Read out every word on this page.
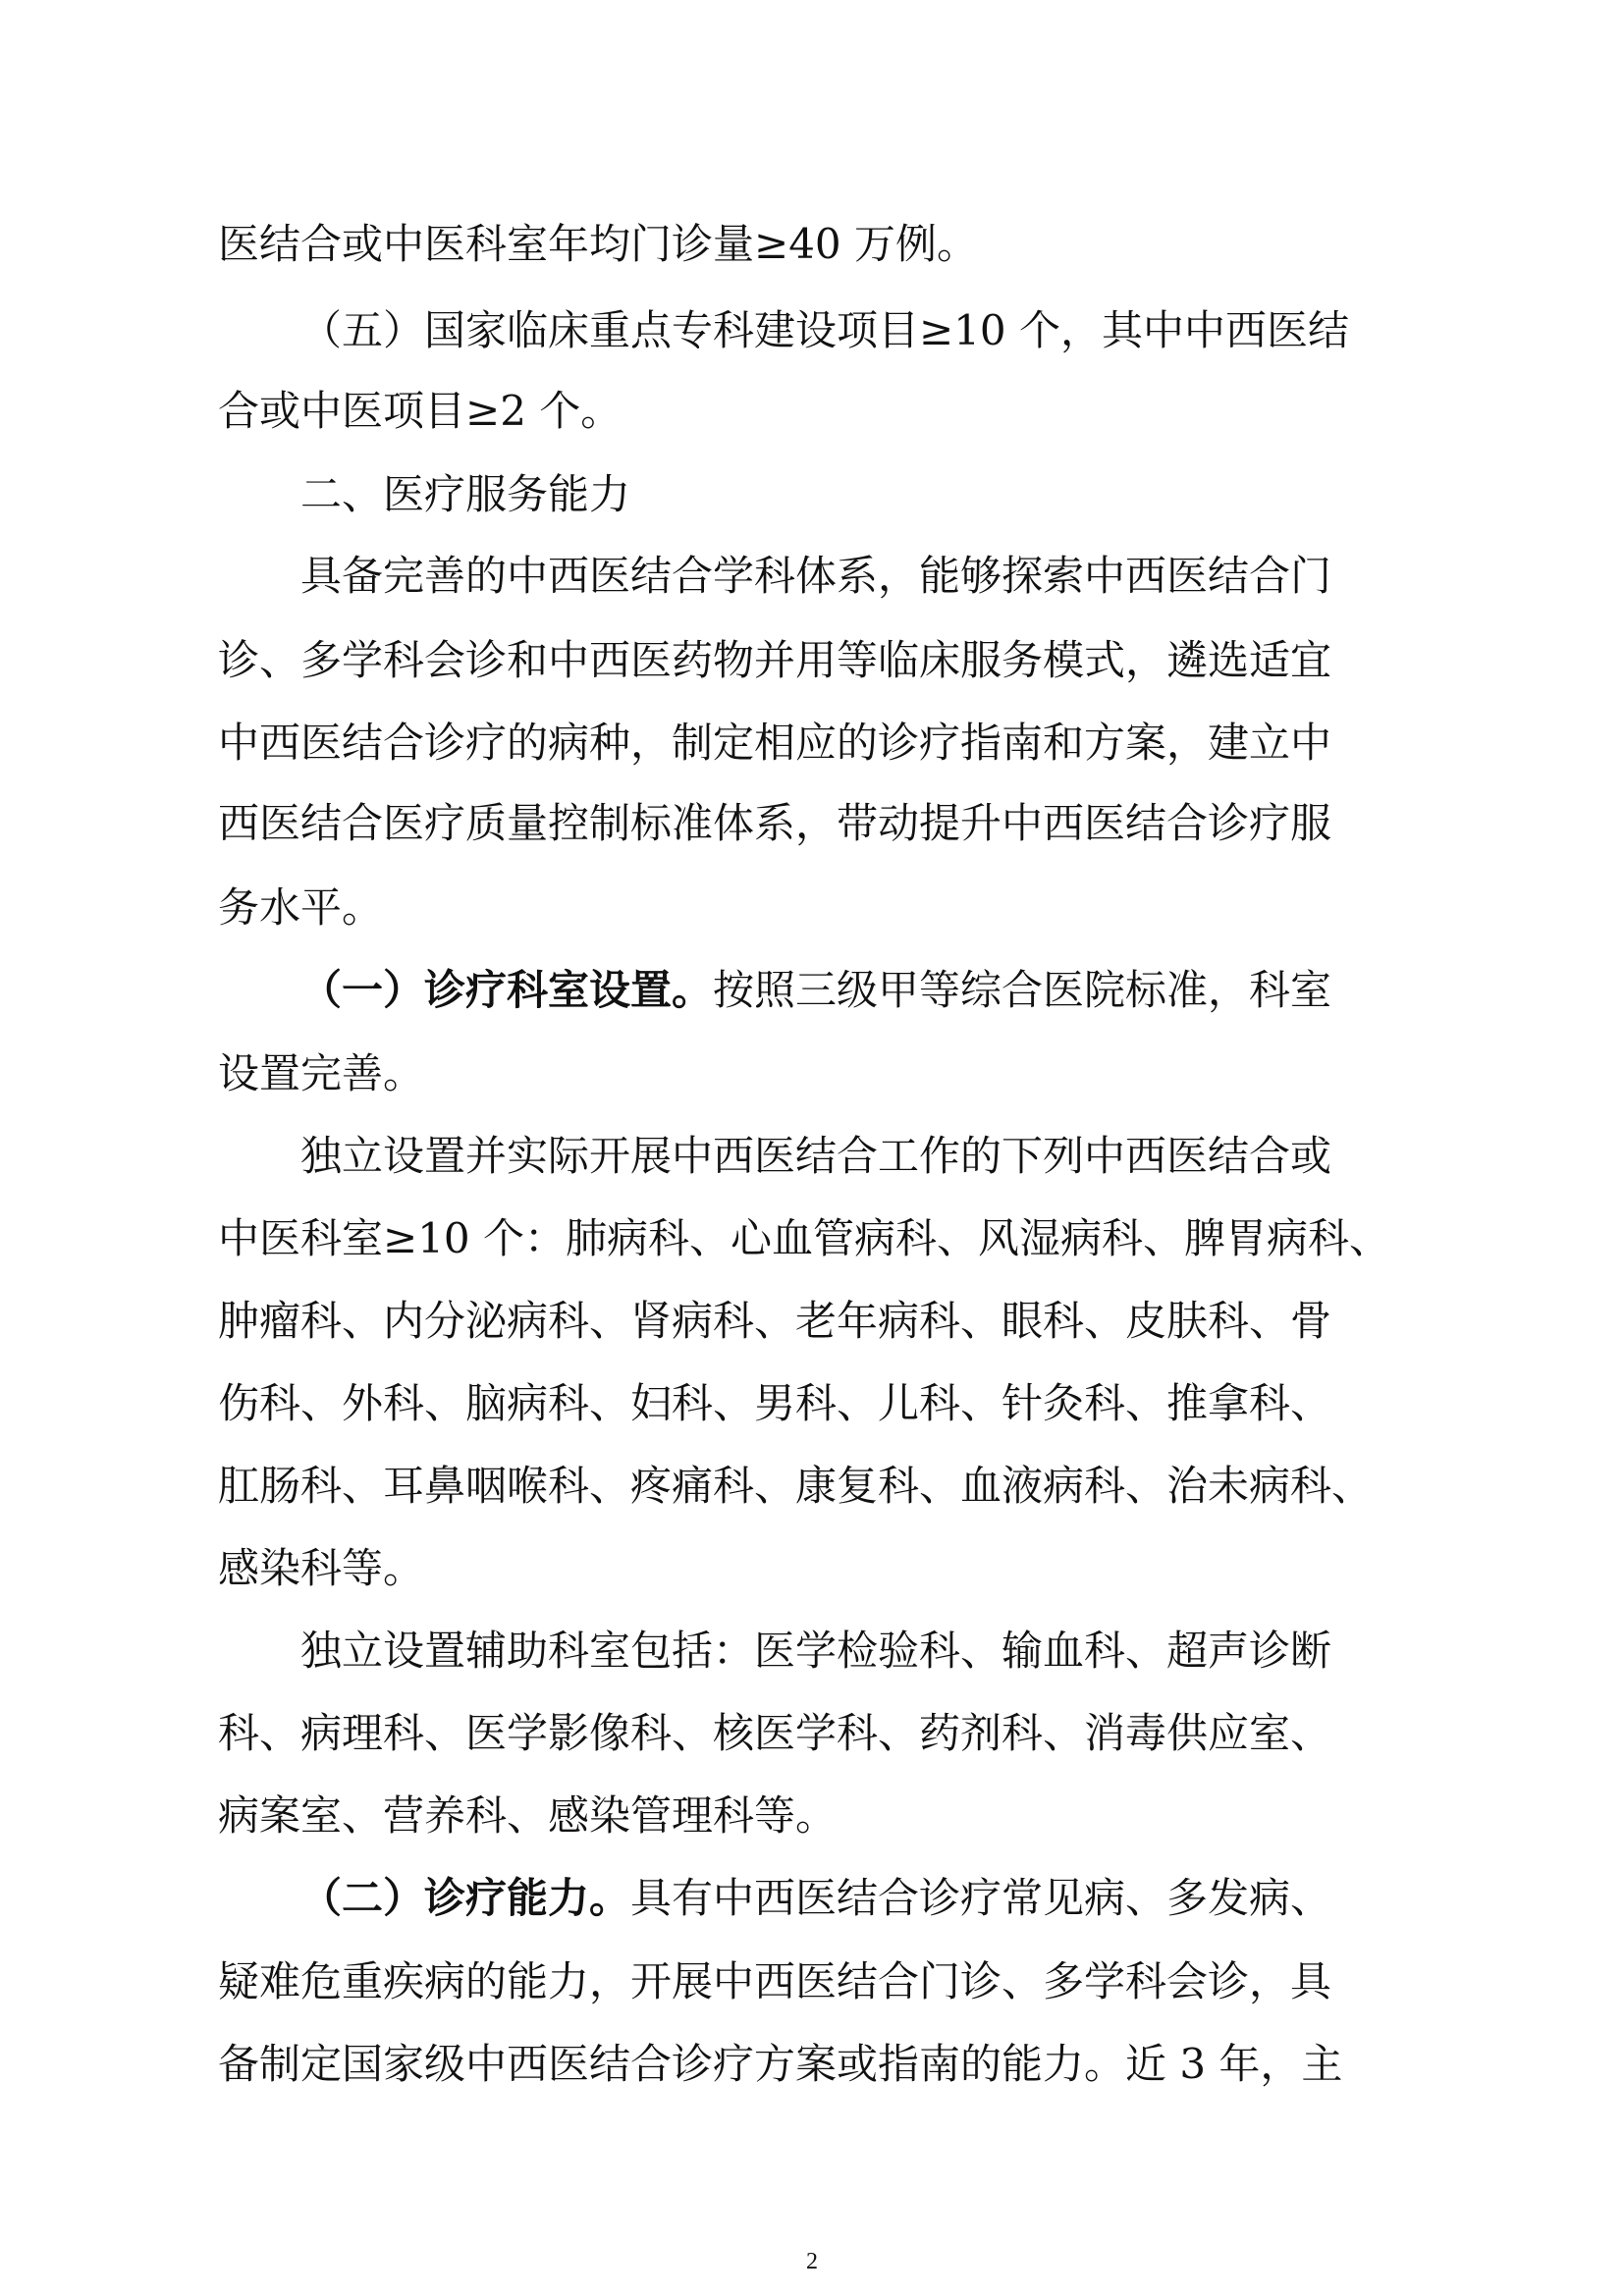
医结合或中医科室年均门诊量≥40 万例。
（五）国家临床重点专科建设项目≥10 个，其中中西医结
合或中医项目≥2 个。
二、医疗服务能力
具备完善的中西医结合学科体系，能够探索中西医结合门
诊、多学科会诊和中西医药物并用等临床服务模式，遴选适宜
中西医结合诊疗的病种，制定相应的诊疗指南和方案，建立中
西医结合医疗质量控制标准体系，带动提升中西医结合诊疗服
务水平。
（一）诊疗科室设置。按照三级甲等综合医院标准，科室
设置完善。
独立设置并实际开展中西医结合工作的下列中西医结合或
中医科室≥10 个：肺病科、心血管病科、风湿病科、脾胃病科、
肿瘤科、内分泌病科、肾病科、老年病科、眼科、皮肤科、骨
伤科、外科、脑病科、妇科、男科、儿科、针灸科、推拿科、
肛肠科、耳鼻咽喉科、疼痛科、康复科、血液病科、治未病科、
感染科等。
独立设置辅助科室包括：医学检验科、输血科、超声诊断
科、病理科、医学影像科、核医学科、药剂科、消毒供应室、
病案室、营养科、感染管理科等。
（二）诊疗能力。具有中西医结合诊疗常见病、多发病、
疑难危重疾病的能力，开展中西医结合门诊、多学科会诊，具
备制定国家级中西医结合诊疗方案或指南的能力。近 3 年，主
2
